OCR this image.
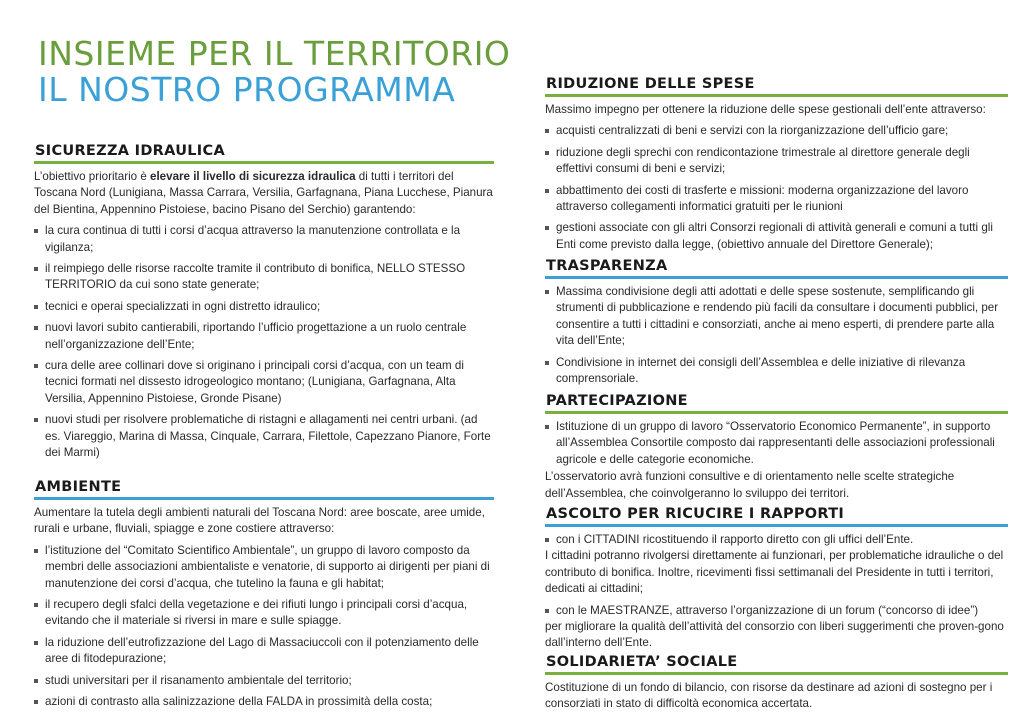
INSIEME PER IL TERRITORIO
IL NOSTRO PROGRAMMA
SICUREZZA IDRAULICA

L’obiettivo prioritario è elevare il livello di sicurezza idraulica di tutti i territori del Toscana Nord (Lunigiana, Massa Carrara, Versilia, Garfagnana, Piana Lucchese, Pianura del Bientina, Appennino Pistoiese, bacino Pisano del Serchio) garantendo:

la cura continua di tutti i corsi d’acqua attraverso la manutenzione controllata e la vigilanza;
il reimpiego delle risorse raccolte tramite il contributo di bonifica, NELLO STESSO TERRITORIO da cui sono state generate;
tecnici e operai specializzati in ogni distretto idraulico;
nuovi lavori subito cantierabili, riportando l’ufficio progettazione a un ruolo centrale nell’organizzazione dell’Ente;
cura delle aree collinari dove si originano i principali corsi d’acqua, con un team di tecnici formati nel dissesto idrogeologico montano; (Lunigiana, Garfagnana, Alta Versilia, Appennino Pistoiese, Gronde Pisane)
nuovi studi per risolvere problematiche di ristagni e allagamenti nei centri urbani. (ad es. Viareggio, Marina di Massa, Cinquale, Carrara, Filettole, Capezzano Pianore, Forte dei Marmi)
AMBIENTE

Aumentare la tutela degli ambienti naturali del Toscana Nord: aree boscate, aree umide, rurali e urbane, fluviali, spiagge e zone costiere attraverso:

l’istituzione del “Comitato Scientifico Ambientale”, un gruppo di lavoro composto da membri delle associazioni ambientaliste e venatorie, di supporto ai dirigenti per piani di manutenzione dei corsi d’acqua, che tutelino la fauna e gli habitat;
il recupero degli sfalci della vegetazione e dei rifiuti lungo i principali corsi d’acqua, evitando che il materiale si riversi in mare e sulle spiagge.
la riduzione dell’eutrofizzazione del Lago di Massaciuccoli con il potenziamento delle aree di fitodepurazione;
studi universitari per il risanamento ambientale del territorio;
azioni di contrasto alla salinizzazione della FALDA in prossimità della costa;
RIDUZIONE DELLE SPESE

Massimo impegno per ottenere la riduzione delle spese gestionali dell’ente attraverso:

acquisti centralizzati di beni e servizi con la riorganizzazione dell’ufficio gare;
riduzione degli sprechi con rendicontazione trimestrale al direttore generale degli effettivi consumi di beni e servizi;
abbattimento dei costi di trasferte e missioni: moderna organizzazione del lavoro attraverso collegamenti informatici gratuiti per le riunioni
gestioni associate con gli altri Consorzi regionali di attività generali e comuni a tutti gli Enti come previsto dalla legge, (obiettivo annuale del Direttore Generale);
TRASPARENZA
Massima condivisione degli atti adottati e delle spese sostenute, semplificando gli strumenti di pubblicazione e rendendo più facili da consultare i documenti pubblici, per consentire a tutti i cittadini e consorziati, anche ai meno esperti, di prendere parte alla vita dell’Ente;
Condivisione in internet dei consigli dell’Assemblea e delle iniziative di rilevanza comprensoriale.
PARTECIPAZIONE
Istituzione di un gruppo di lavoro “Osservatorio Economico Permanente”, in supporto all’Assemblea Consortile composto dai rappresentanti delle associazioni professionali agricole e delle categorie economiche.

L’osservatorio avrà funzioni consultive e di orientamento nelle scelte strategiche dell’Assemblea, che coinvolgeranno lo sviluppo dei territori.

ASCOLTO PER RICUCIRE I RAPPORTI
con i CITTADINI ricostituendo il rapporto diretto con gli uffici dell’Ente.

I cittadini potranno rivolgersi direttamente ai funzionari, per problematiche idrauliche o del contributo di bonifica. Inoltre, ricevimenti fissi settimanali del Presidente in tutti i territori, dedicati ai cittadini;

con le MAESTRANZE, attraverso l’organizzazione di un forum (“concorso di idee”)

per migliorare la qualità dell’attività del consorzio con liberi suggerimenti che proven-gono dall’interno dell’Ente.

SOLIDARIETA’ SOCIALE

Costituzione di un fondo di bilancio, con risorse da destinare ad azioni di sostegno per i consorziati in stato di difficoltà economica accertata.
